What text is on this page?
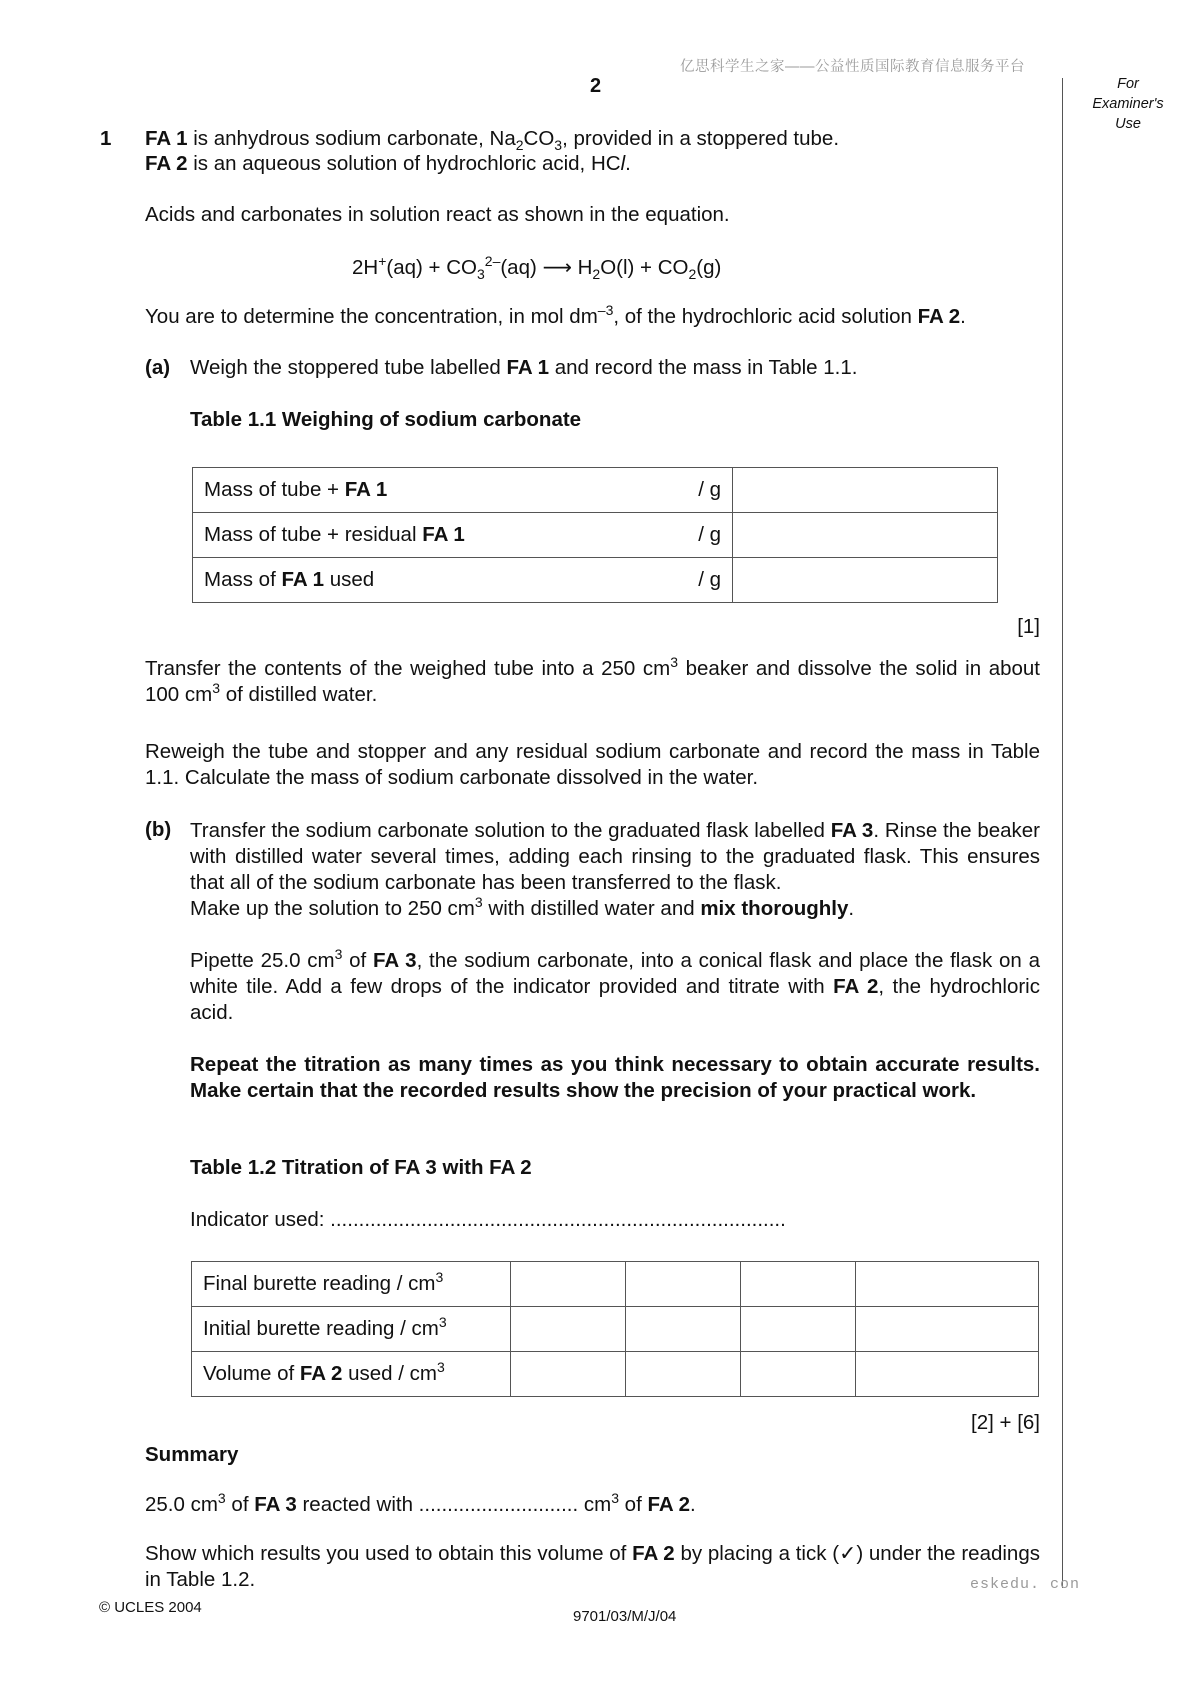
亿思科学生之家——公益性质国际教育信息服务平台
2	For
Examiner's
Use
1 FA 1 is anhydrous sodium carbonate, $Na_2CO_3$, provided in a stoppered tube.
FA 2 is an aqueous solution of hydrochloric acid, HCl.
Acids and carbonates in solution react as shown in the equation.
$2H^+(aq) + CO_3^{2-}(aq)$ ⟶ $H_2O(l) + CO_2(g)$
You are to determine the concentration, in mol $dm^{-3}$, of the hydrochloric acid solution FA 2.
(a) Weigh the stoppered tube labelled FA 1 and record the mass in Table 1.1.
Table 1.1 Weighing of sodium carbonate
Mass of tube + FA 1 / g	

Mass of tube + residual FA 1 / g	

Mass of FA 1 used / g	

[1]
Transfer the contents of the weighed tube into a 250 $cm^3$ beaker and dissolve the solid in about 100 $cm^3$ of distilled water.
Reweigh the tube and stopper and any residual sodium carbonate and record the mass in Table 1.1. Calculate the mass of sodium carbonate dissolved in the water.
(b) Transfer the sodium carbonate solution to the graduated flask labelled FA 3. Rinse the beaker with distilled water several times, adding each rinsing to the graduated flask. This ensures that all of the sodium carbonate has been transferred to the flask.
Make up the solution to 250 $cm^3$ with distilled water and mix thoroughly.
Pipette 25.0 $cm^3$ of FA 3, the sodium carbonate, into a conical flask and place the flask on a white tile. Add a few drops of the indicator provided and titrate with FA 2, the hydrochloric acid.
Repeat the titration as many times as you think necessary to obtain accurate results. Make certain that the recorded results show the precision of your practical work.
Table 1.2 Titration of FA 3 with FA 2
Indicator used: ................................................................................
Final burette reading / $cm^3$				
Initial burette reading / $cm^3$				
Volume of FA 2 used / $cm^3$				
[2] + [6]
Summary
25.0 $cm^3$ of FA 3 reacted with ............................ $cm^3$ of FA 2.
Show which results you used to obtain this volume of FA 2 by placing a tick (✓) under the readings in Table 1.2.	eskedu. con
© UCLES 2004
9701/03/M/J/04
